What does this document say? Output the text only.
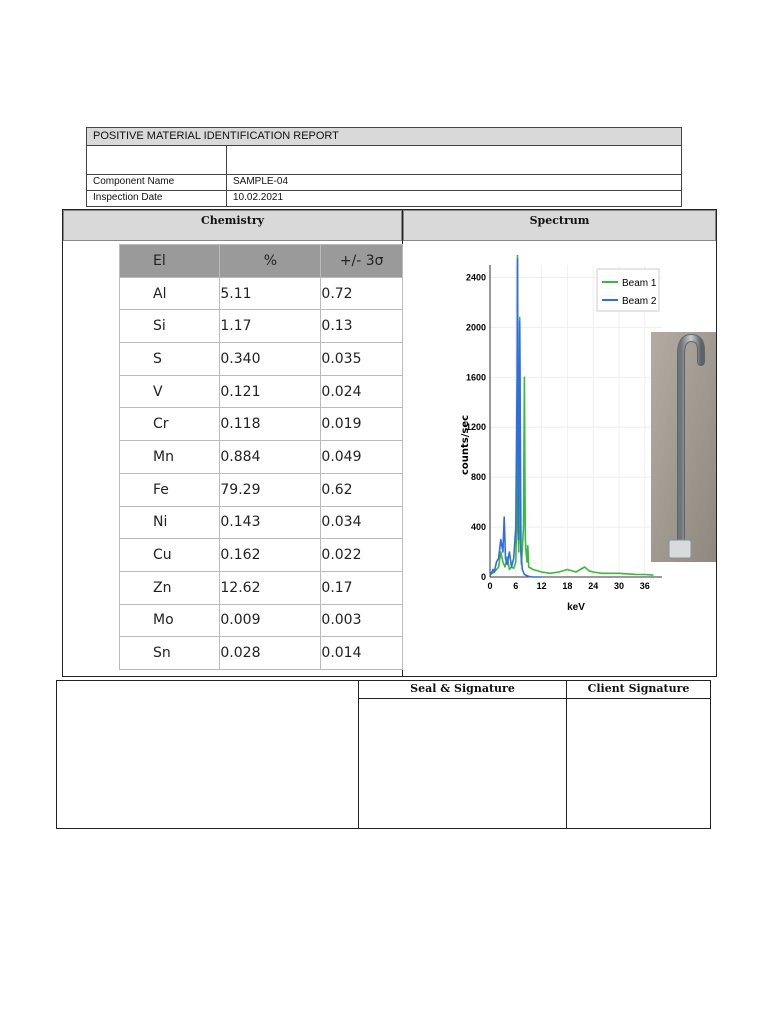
POSITIVE MATERIAL IDENTIFICATION REPORT
Component Name	SAMPLE-04
Inspection Date	10.02.2021
Chemistry	Spectrum
El	%	+/- 3σ
Al	5.11	0.72
Si	1.17	0.13
S	0.340	0.035
V	0.121	0.024
Cr	0.118	0.019
Mn	0.884	0.049
Fe	79.29	0.62
Ni	0.143	0.034
Cu	0.162	0.022
Zn	12.62	0.17
Mo	0.009	0.003
Sn	0.028	0.014
0
400
800
1200
1600
2000
2400
0 6 12 18 24 30 36
counts/sec
keV
Beam 1
Beam 2
Seal & Signature	Client Signature
